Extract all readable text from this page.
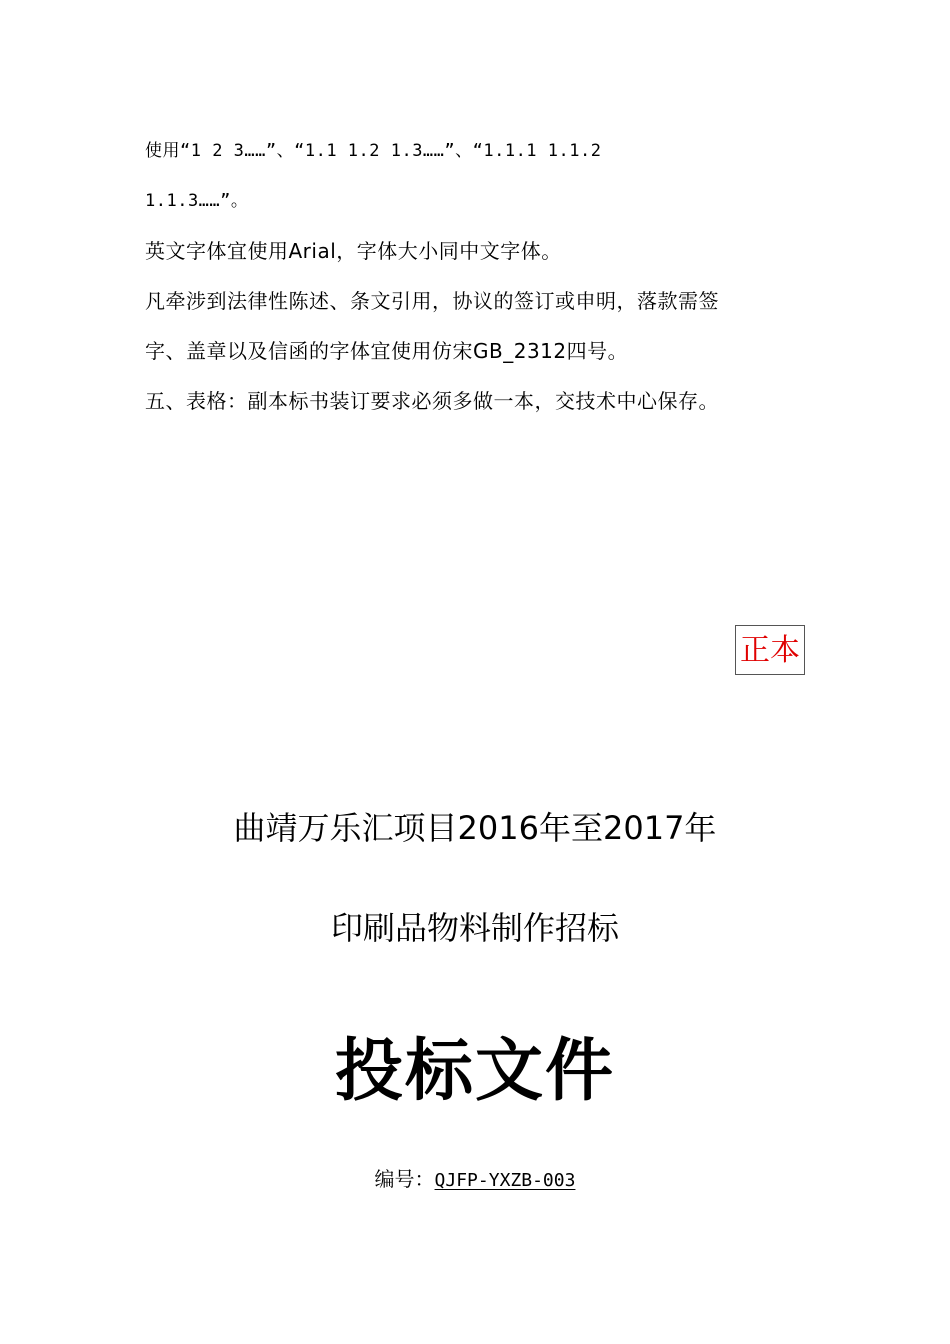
使用“1 2 3……”、“1.1 1.2 1.3……”、“1.1.1 1.1.2
1.1.3……”。
英文字体宜使用Arial，字体大小同中文字体。
凡牵涉到法律性陈述、条文引用，协议的签订或申明，落款需签
字、盖章以及信函的字体宜使用仿宋GB_2312四号。
五、表格：副本标书装订要求必须多做一本，交技术中心保存。
正本
曲靖万乐汇项目2016年至2017年
印刷品物料制作招标
投标文件
编号：QJFP-YXZB-003
